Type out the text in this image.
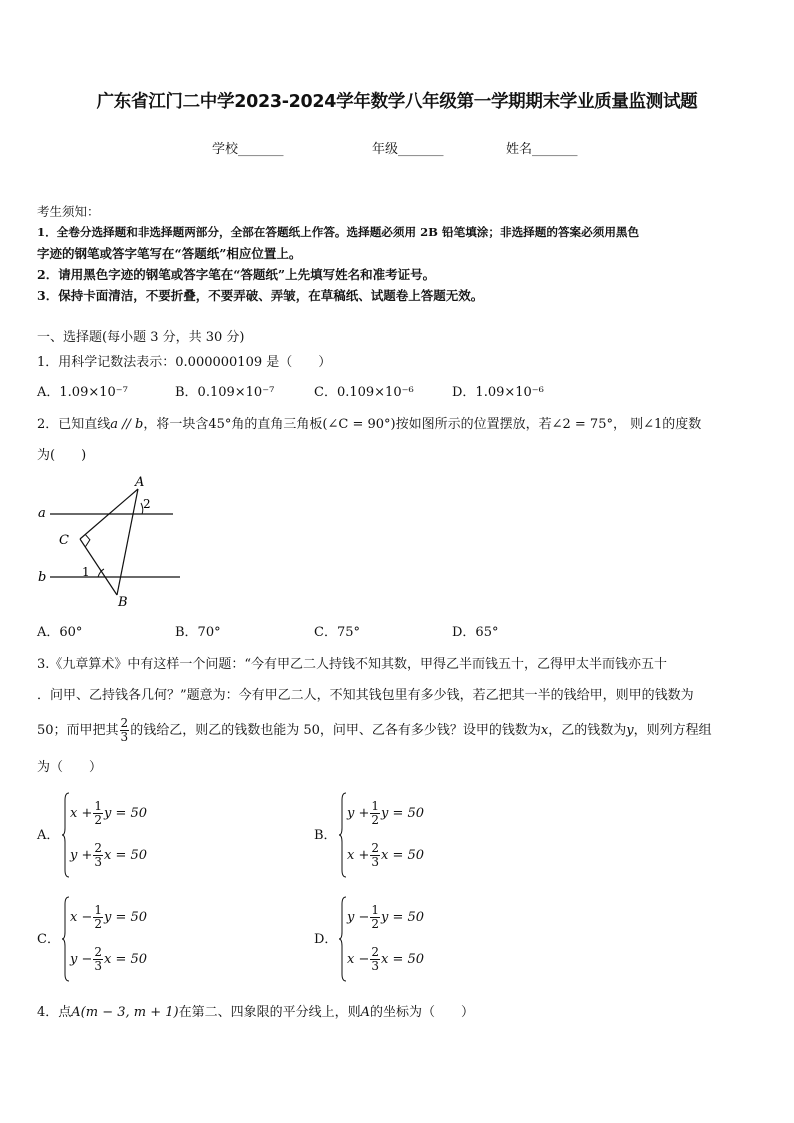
广东省江门二中学2023-2024学年数学八年级第一学期期末学业质量监测试题
学校_______	年级_______	姓名_______
考生须知：
1．全卷分选择题和非选择题两部分，全部在答题纸上作答。选择题必须用 2B 铅笔填涂；非选择题的答案必须用黑色
字迹的钢笔或答字笔写在“答题纸”相应位置上。
2．请用黑色字迹的钢笔或答字笔在“答题纸”上先填写姓名和准考证号。
3．保持卡面清洁，不要折叠，不要弄破、弄皱，在草稿纸、试题卷上答题无效。
一、选择题(每小题 3 分，共 30 分)
1．用科学记数法表示：0.000000109 是（　　）
A．1.09×10⁻⁷	B．0.109×10⁻⁷	C．0.109×10⁻⁶	D．1.09×10⁻⁶
2．已知直线a // b，将一块含45°角的直角三角板(∠C = 90°)按如图所示的位置摆放，若∠2 = 75°， 则∠1的度数
为(　　)
a
b
A
B
C
1
2
A．60°	B．70°	C．75°	D．65°
3.《九章算术》中有这样一个问题：“今有甲乙二人持钱不知其数，甲得乙半而钱五十，乙得甲太半而钱亦五十
．问甲、乙持钱各几何？”题意为：今有甲乙二人，不知其钱包里有多少钱，若乙把其一半的钱给甲，则甲的钱数为
50；而甲把其 $\frac{2}{3}$ 的钱给乙，则乙的钱数也能为 50，问甲、乙各有多少钱？设甲的钱数为 x ，乙的钱数为 y ，则列方程组
为（　　）
A．
$x + \frac{1}{2}$ y = 50
$y + \frac{2}{3}$ x = 50
B．
$y + \frac{1}{2}$ y = 50
$x + \frac{2}{3}$ x = 50
C．
$x - \frac{1}{2}$ y = 50
$y - \frac{2}{3}$ x = 50
D．
$y - \frac{1}{2}$ y = 50
$x - \frac{2}{3}$ x = 50
4．点A(m − 3, m + 1)在第二、四象限的平分线上，则A的坐标为（　　）
